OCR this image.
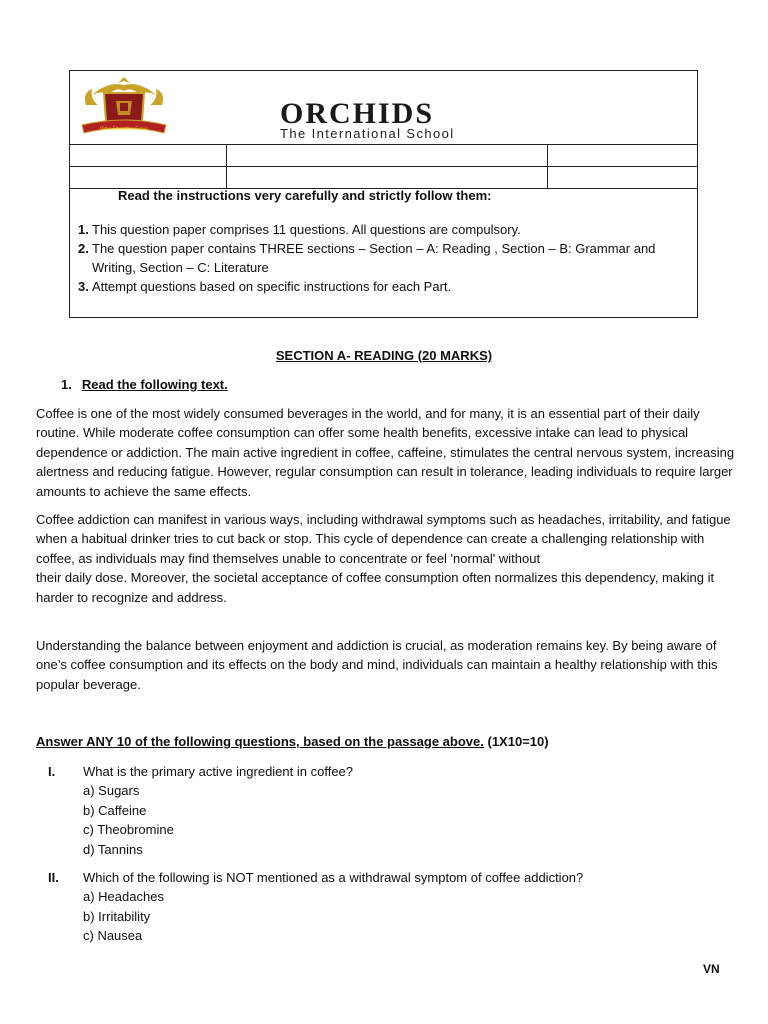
Vidya Education Group	ORCHIDS
The International School
Read the instructions very carefully and strictly follow them:
1. This question paper comprises 11 questions. All questions are compulsory.
2. The question paper contains THREE sections – Section – A: Reading , Section – B: Grammar and Writing, Section – C: Literature
3. Attempt questions based on specific instructions for each Part.
SECTION A- READING (20 MARKS)
1. Read the following text.

Coffee is one of the most widely consumed beverages in the world, and for many, it is an essential part of their daily routine. While moderate coffee consumption can offer some health benefits, excessive intake can lead to physical dependence or addiction. The main active ingredient in coffee, caffeine, stimulates the central nervous system, increasing alertness and reducing fatigue. However, regular consumption can result in tolerance, leading individuals to require larger amounts to achieve the same effects.

Coffee addiction can manifest in various ways, including withdrawal symptoms such as headaches, irritability, and fatigue when a habitual drinker tries to cut back or stop. This cycle of dependence can create a challenging relationship with coffee, as individuals may find themselves unable to concentrate or feel 'normal' without
their daily dose. Moreover, the societal acceptance of coffee consumption often normalizes this dependency, making it harder to recognize and address.

Understanding the balance between enjoyment and addiction is crucial, as moderation remains key. By being aware of one’s coffee consumption and its effects on the body and mind, individuals can maintain a healthy relationship with this popular beverage.

Answer ANY 10 of the following questions, based on the passage above. (1X10=10)
I. What is the primary active ingredient in coffee?
a) Sugars
b) Caffeine
c) Theobromine
d) Tannins
II. Which of the following is NOT mentioned as a withdrawal symptom of coffee addiction?
a) Headaches
b) Irritability
c) Nausea
VN
